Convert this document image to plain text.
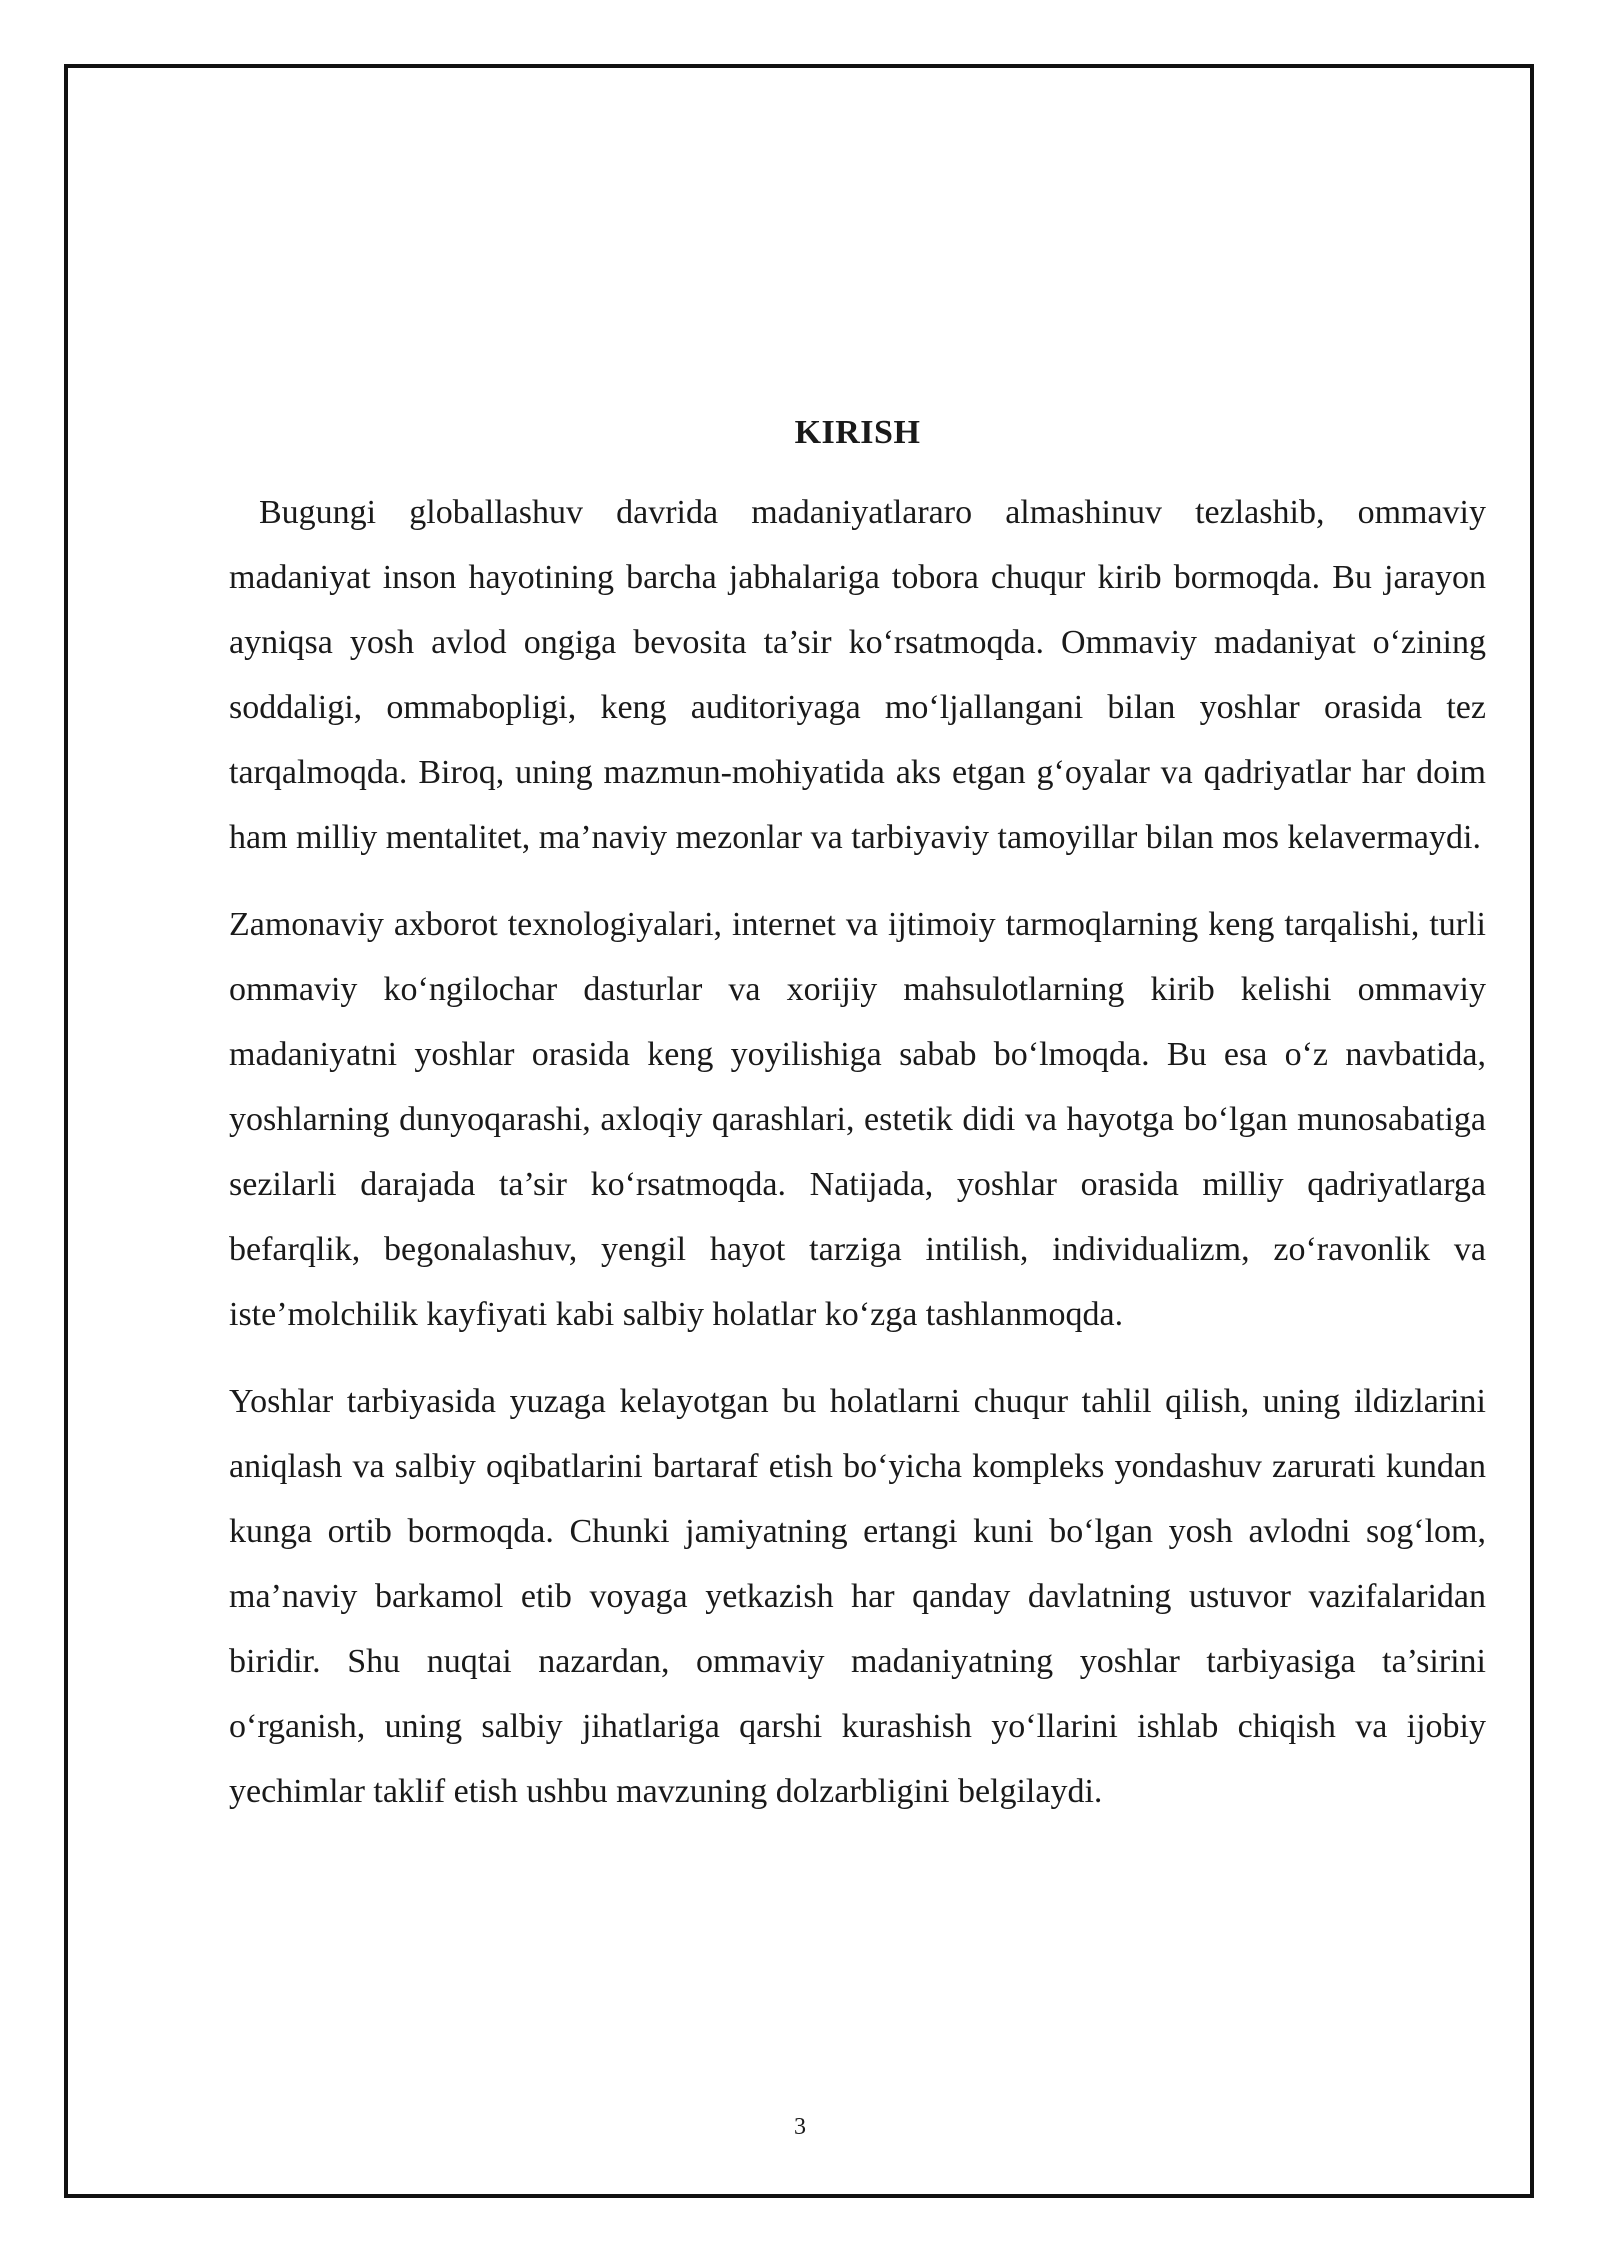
KIRISH

Bugungi globallashuv davrida madaniyatlararo almashinuv tezlashib, ommaviy madaniyat inson hayotining barcha jabhalariga tobora chuqur kirib bormoqda. Bu jarayon ayniqsa yosh avlod ongiga bevosita ta’sir ko‘rsatmoqda. Ommaviy madaniyat o‘zining soddaligi, ommabopligi, keng auditoriyaga mo‘ljallangani bilan yoshlar orasida tez tarqalmoqda. Biroq, uning mazmun-mohiyatida aks etgan g‘oyalar va qadriyatlar har doim ham milliy mentalitet, ma’naviy mezonlar va tarbiyaviy tamoyillar bilan mos kelavermaydi.

Zamonaviy axborot texnologiyalari, internet va ijtimoiy tarmoqlarning keng tarqalishi, turli ommaviy ko‘ngilochar dasturlar va xorijiy mahsulotlarning kirib kelishi ommaviy madaniyatni yoshlar orasida keng yoyilishiga sabab bo‘lmoqda. Bu esa o‘z navbatida, yoshlarning dunyoqarashi, axloqiy qarashlari, estetik didi va hayotga bo‘lgan munosabatiga sezilarli darajada ta’sir ko‘rsatmoqda. Natijada, yoshlar orasida milliy qadriyatlarga befarqlik, begonalashuv, yengil hayot tarziga intilish, individualizm, zo‘ravonlik va iste’molchilik kayfiyati kabi salbiy holatlar ko‘zga tashlanmoqda.

Yoshlar tarbiyasida yuzaga kelayotgan bu holatlarni chuqur tahlil qilish, uning ildizlarini aniqlash va salbiy oqibatlarini bartaraf etish bo‘yicha kompleks yondashuv zarurati kundan kunga ortib bormoqda. Chunki jamiyatning ertangi kuni bo‘lgan yosh avlodni sog‘lom, ma’naviy barkamol etib voyaga yetkazish har qanday davlatning ustuvor vazifalaridan biridir. Shu nuqtai nazardan, ommaviy madaniyatning yoshlar tarbiyasiga ta’sirini o‘rganish, uning salbiy jihatlariga qarshi kurashish yo‘llarini ishlab chiqish va ijobiy yechimlar taklif etish ushbu mavzuning dolzarbligini belgilaydi.

3
